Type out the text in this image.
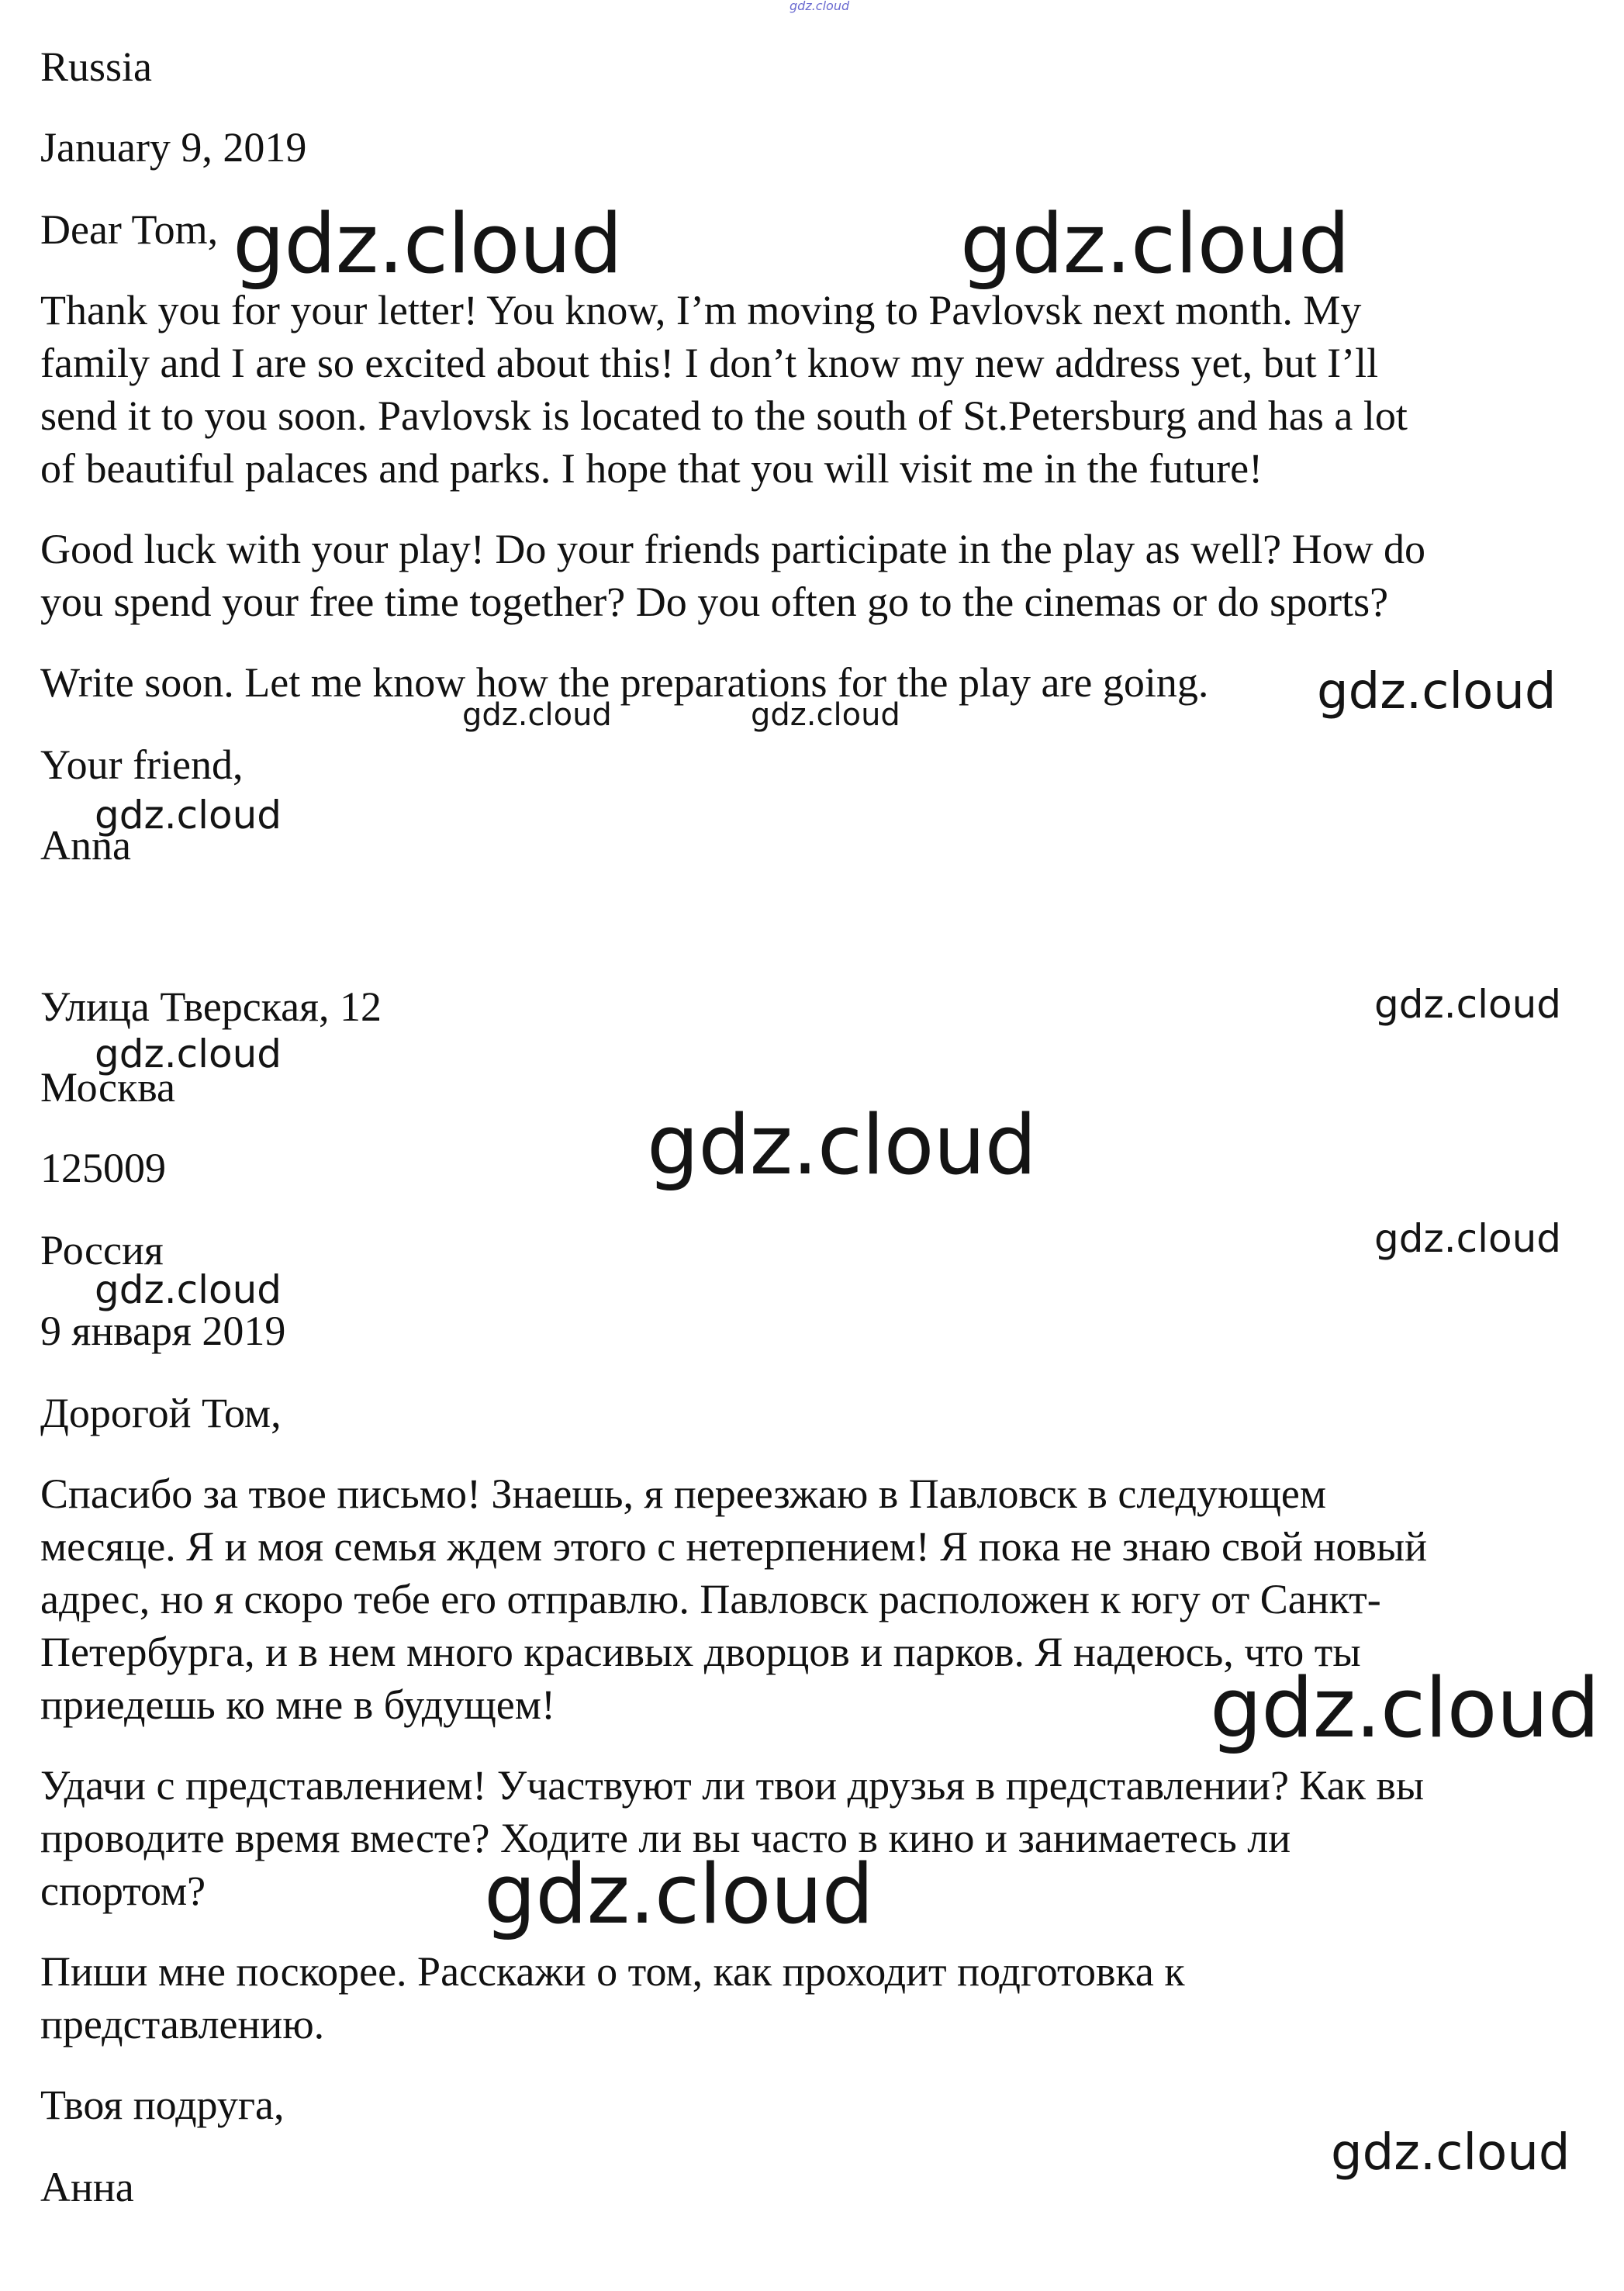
gdz.cloud

Russia

January 9, 2019

Dear Tom,

Thank you for your letter! You know, I’m moving to Pavlovsk next month. My

family and I are so excited about this! I don’t know my new address yet, but I’ll

send it to you soon. Pavlovsk is located to the south of St.Petersburg and has a lot

of beautiful palaces and parks. I hope that you will visit me in the future!

Good luck with your play! Do your friends participate in the play as well? How do

you spend your free time together? Do you often go to the cinemas or do sports?

Write soon. Let me know how the preparations for the play are going.

Your friend,

Anna

Улица Тверская, 12

Москва

125009

Россия

9 января 2019

Дорогой Том,

Спасибо за твое письмо! Знаешь, я переезжаю в Павловск в следующем

месяце. Я и моя семья ждем этого с нетерпением! Я пока не знаю свой новый

адрес, но я скоро тебе его отправлю. Павловск расположен к югу от Санкт-

Петербурга, и в нем много красивых дворцов и парков. Я надеюсь, что ты

приедешь ко мне в будущем!

Удачи с представлением! Участвуют ли твои друзья в представлении? Как вы

проводите время вместе? Ходите ли вы часто в кино и занимаетесь ли

спортом?

Пиши мне поскорее. Расскажи о том, как проходит подготовка к

представлению.

Твоя подруга,

Анна

gdz.cloud	gdz.cloud
gdz.cloud
gdz.cloud	gdz.cloud
gdz.cloud
gdz.cloud
gdz.cloud
gdz.cloud
gdz.cloud
gdz.cloud
gdz.cloud
gdz.cloud
gdz.cloud
